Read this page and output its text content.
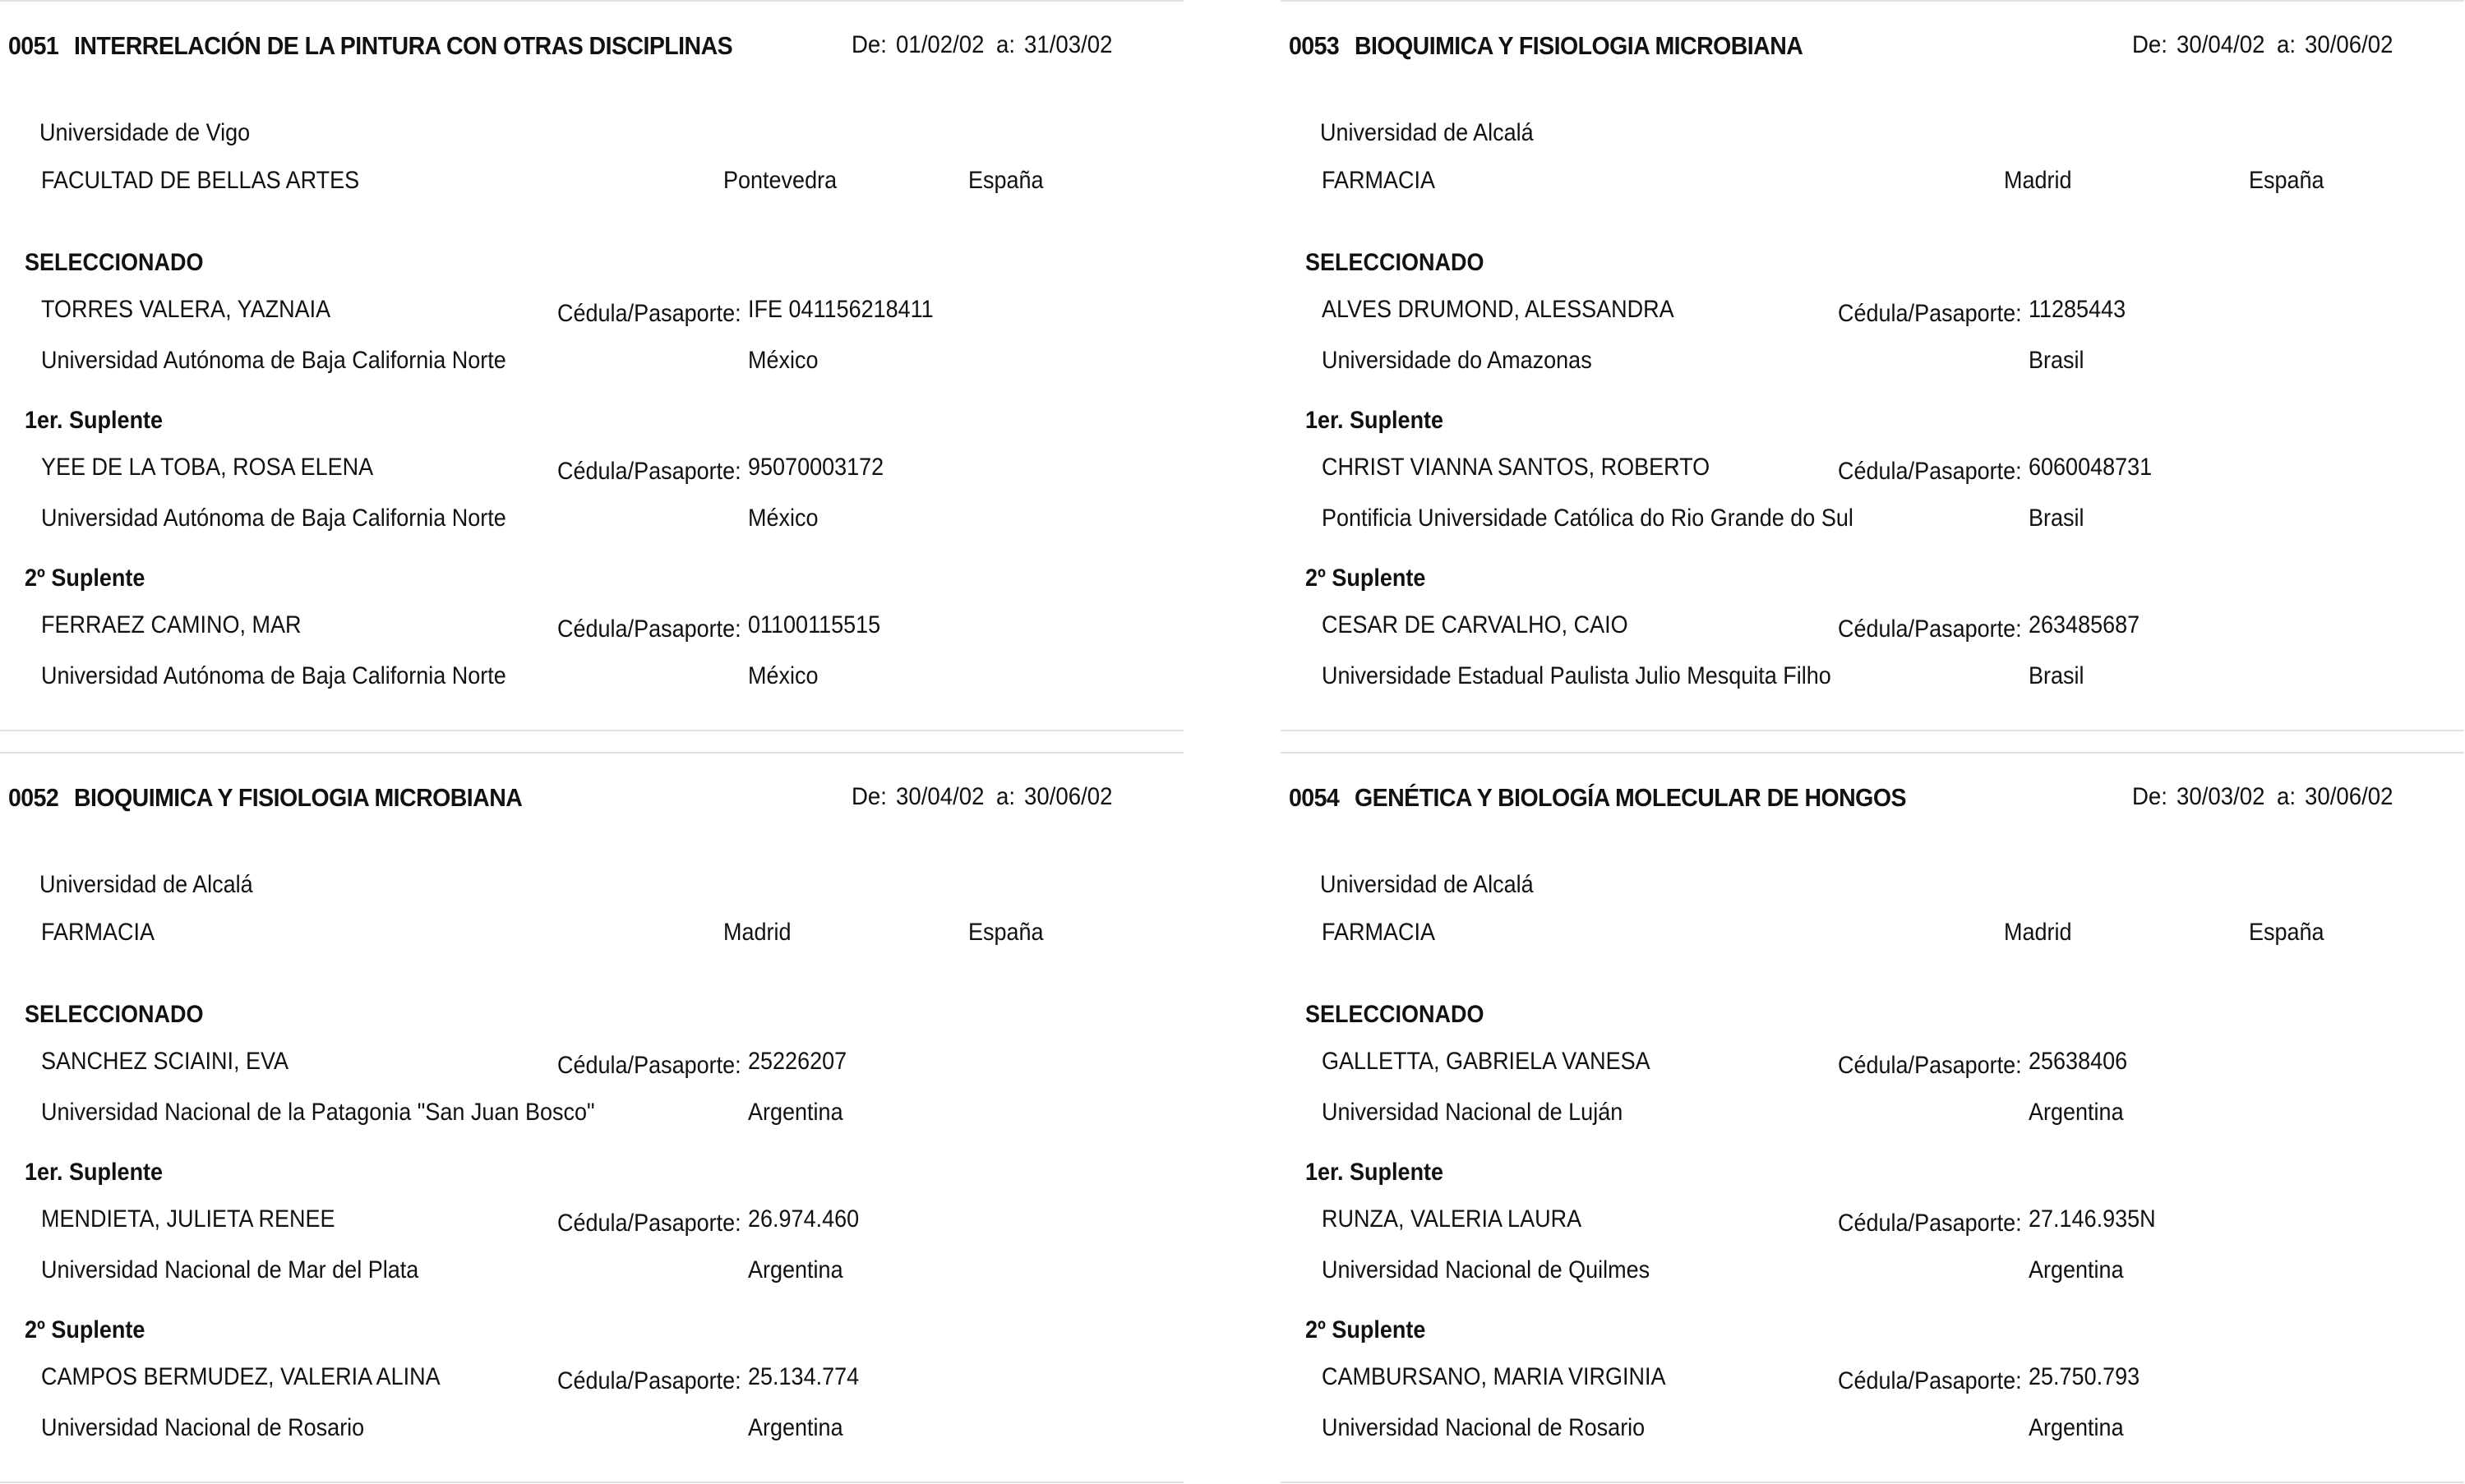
0051 INTERRELACIÓN DE LA PINTURA CON OTRAS DISCIPLINAS	De: 01/02/02 a: 31/03/02
Universidade de Vigo
FACULTAD DE BELLAS ARTES	Pontevedra	España
SELECCIONADO
TORRES VALERA, YAZNAIA	Cédula/Pasaporte: IFE 041156218411
Universidad Autónoma de Baja California Norte	México
1er. Suplente
YEE DE LA TOBA, ROSA ELENA	Cédula/Pasaporte: 95070003172
Universidad Autónoma de Baja California Norte	México
2º Suplente
FERRAEZ CAMINO, MAR	Cédula/Pasaporte: 01100115515
Universidad Autónoma de Baja California Norte	México
0053 BIOQUIMICA Y FISIOLOGIA MICROBIANA	De: 30/04/02 a: 30/06/02
Universidad de Alcalá
FARMACIA	Madrid	España
SELECCIONADO
ALVES DRUMOND, ALESSANDRA	Cédula/Pasaporte: 11285443
Universidade do Amazonas	Brasil
1er. Suplente
CHRIST VIANNA SANTOS, ROBERTO	Cédula/Pasaporte: 6060048731
Pontificia Universidade Católica do Rio Grande do Sul	Brasil
2º Suplente
CESAR DE CARVALHO, CAIO	Cédula/Pasaporte: 263485687
Universidade Estadual Paulista Julio Mesquita Filho	Brasil
0052 BIOQUIMICA Y FISIOLOGIA MICROBIANA	De: 30/04/02 a: 30/06/02
Universidad de Alcalá
FARMACIA	Madrid	España
SELECCIONADO
SANCHEZ SCIAINI, EVA	Cédula/Pasaporte: 25226207
Universidad Nacional de la Patagonia "San Juan Bosco"	Argentina
1er. Suplente
MENDIETA, JULIETA RENEE	Cédula/Pasaporte: 26.974.460
Universidad Nacional de Mar del Plata	Argentina
2º Suplente
CAMPOS BERMUDEZ, VALERIA ALINA	Cédula/Pasaporte: 25.134.774
Universidad Nacional de Rosario	Argentina
0054 GENÉTICA Y BIOLOGÍA MOLECULAR DE HONGOS	De: 30/03/02 a: 30/06/02
Universidad de Alcalá
FARMACIA	Madrid	España
SELECCIONADO
GALLETTA, GABRIELA VANESA	Cédula/Pasaporte: 25638406
Universidad Nacional de Luján	Argentina
1er. Suplente
RUNZA, VALERIA LAURA	Cédula/Pasaporte: 27.146.935N
Universidad Nacional de Quilmes	Argentina
2º Suplente
CAMBURSANO, MARIA VIRGINIA	Cédula/Pasaporte: 25.750.793
Universidad Nacional de Rosario	Argentina
